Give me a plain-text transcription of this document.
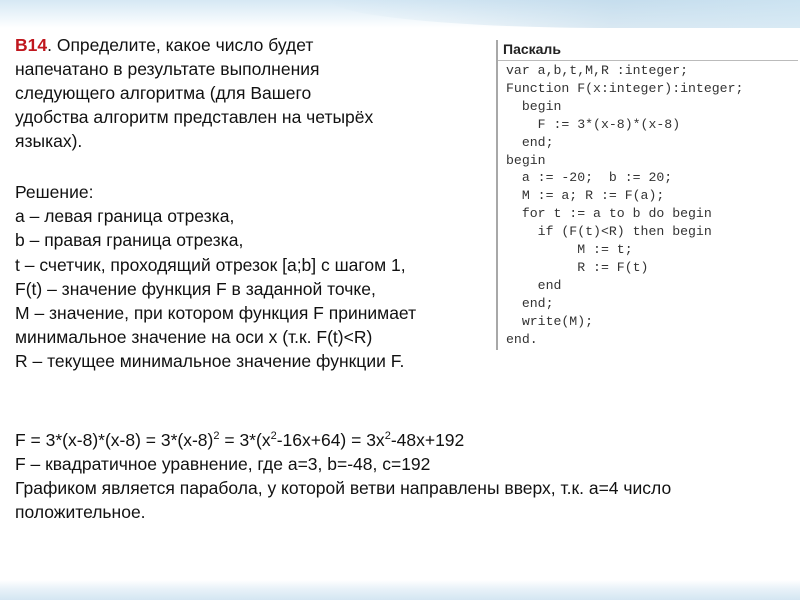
B14. Определите, какое число будет напечатано в результате выполнения следующего алгоритма (для Вашего удобства алгоритм представлен на четырёх языках).
Решение:
a – левая граница отрезка,
b – правая граница отрезка,
t – счетчик, проходящий отрезок [a;b] с шагом 1,
F(t) – значение функция F в заданной точке,
M – значение, при котором функция F принимает
минимальное значение на оси x (т.к. F(t)<R)
R – текущее минимальное значение функции F.
Паскаль
var a,b,t,M,R :integer;
Function F(x:integer):integer;
begin
F := 3*(x-8)*(x-8)
end;
begin
a := -20;  b := 20;
M := a; R := F(a);
for t := a to b do begin
if (F(t)<R) then begin
M := t;
R := F(t)
end
end;
write(M);
end.
$F = 3*(x-8)*(x-8) = 3*(x-8)^2 = 3*(x^2-16x+64) = 3x^2-48x+192$
F – квадратичное уравнение, где a=3, b=-48, c=192
Графиком является парабола, у которой ветви направлены вверх, т.к. a=4 число
положительное.
